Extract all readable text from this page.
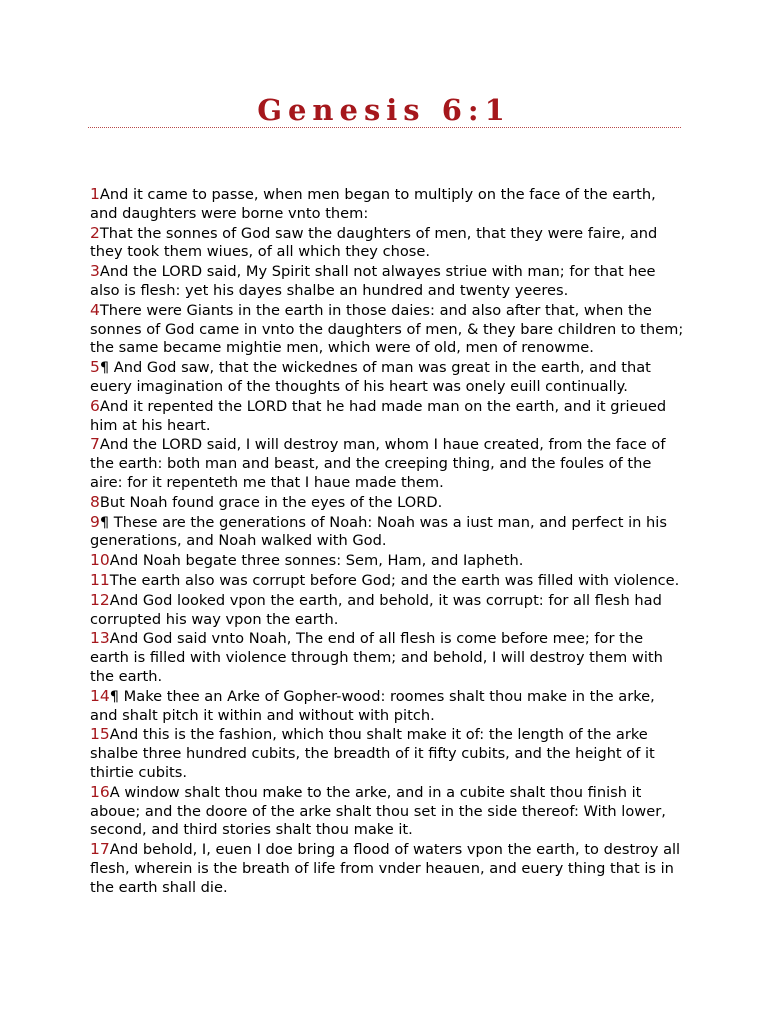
Genesis 6:1

1And it came to passe, when men began to multiply on the face of the earth, and daughters were borne vnto them:

2That the sonnes of God saw the daughters of men, that they were faire, and they took them wiues, of all which they chose.

3And the LORD said, My Spirit shall not alwayes striue with man; for that hee also is flesh: yet his dayes shalbe an hundred and twenty yeeres.

4There were Giants in the earth in those daies: and also after that, when the sonnes of God came in vnto the daughters of men, & they bare children to them; the same became mightie men, which were of old, men of renowme.

5¶ And God saw, that the wickednes of man was great in the earth, and that euery imagination of the thoughts of his heart was onely euill continually.

6And it repented the LORD that he had made man on the earth, and it grieued him at his heart.

7And the LORD said, I will destroy man, whom I haue created, from the face of the earth: both man and beast, and the creeping thing, and the foules of the aire: for it repenteth me that I haue made them.

8But Noah found grace in the eyes of the LORD.

9¶ These are the generations of Noah: Noah was a iust man, and perfect in his generations, and Noah walked with God.

10And Noah begate three sonnes: Sem, Ham, and Iapheth.

11The earth also was corrupt before God; and the earth was filled with violence.

12And God looked vpon the earth, and behold, it was corrupt: for all flesh had corrupted his way vpon the earth.

13And God said vnto Noah, The end of all flesh is come before mee; for the earth is filled with violence through them; and behold, I will destroy them with the earth.

14¶ Make thee an Arke of Gopher-wood: roomes shalt thou make in the arke, and shalt pitch it within and without with pitch.

15And this is the fashion, which thou shalt make it of: the length of the arke shalbe three hundred cubits, the breadth of it fifty cubits, and the height of it thirtie cubits.

16A window shalt thou make to the arke, and in a cubite shalt thou finish it aboue; and the doore of the arke shalt thou set in the side thereof: With lower, second, and third stories shalt thou make it.

17And behold, I, euen I doe bring a flood of waters vpon the earth, to destroy all flesh, wherein is the breath of life from vnder heauen, and euery thing that is in the earth shall die.
